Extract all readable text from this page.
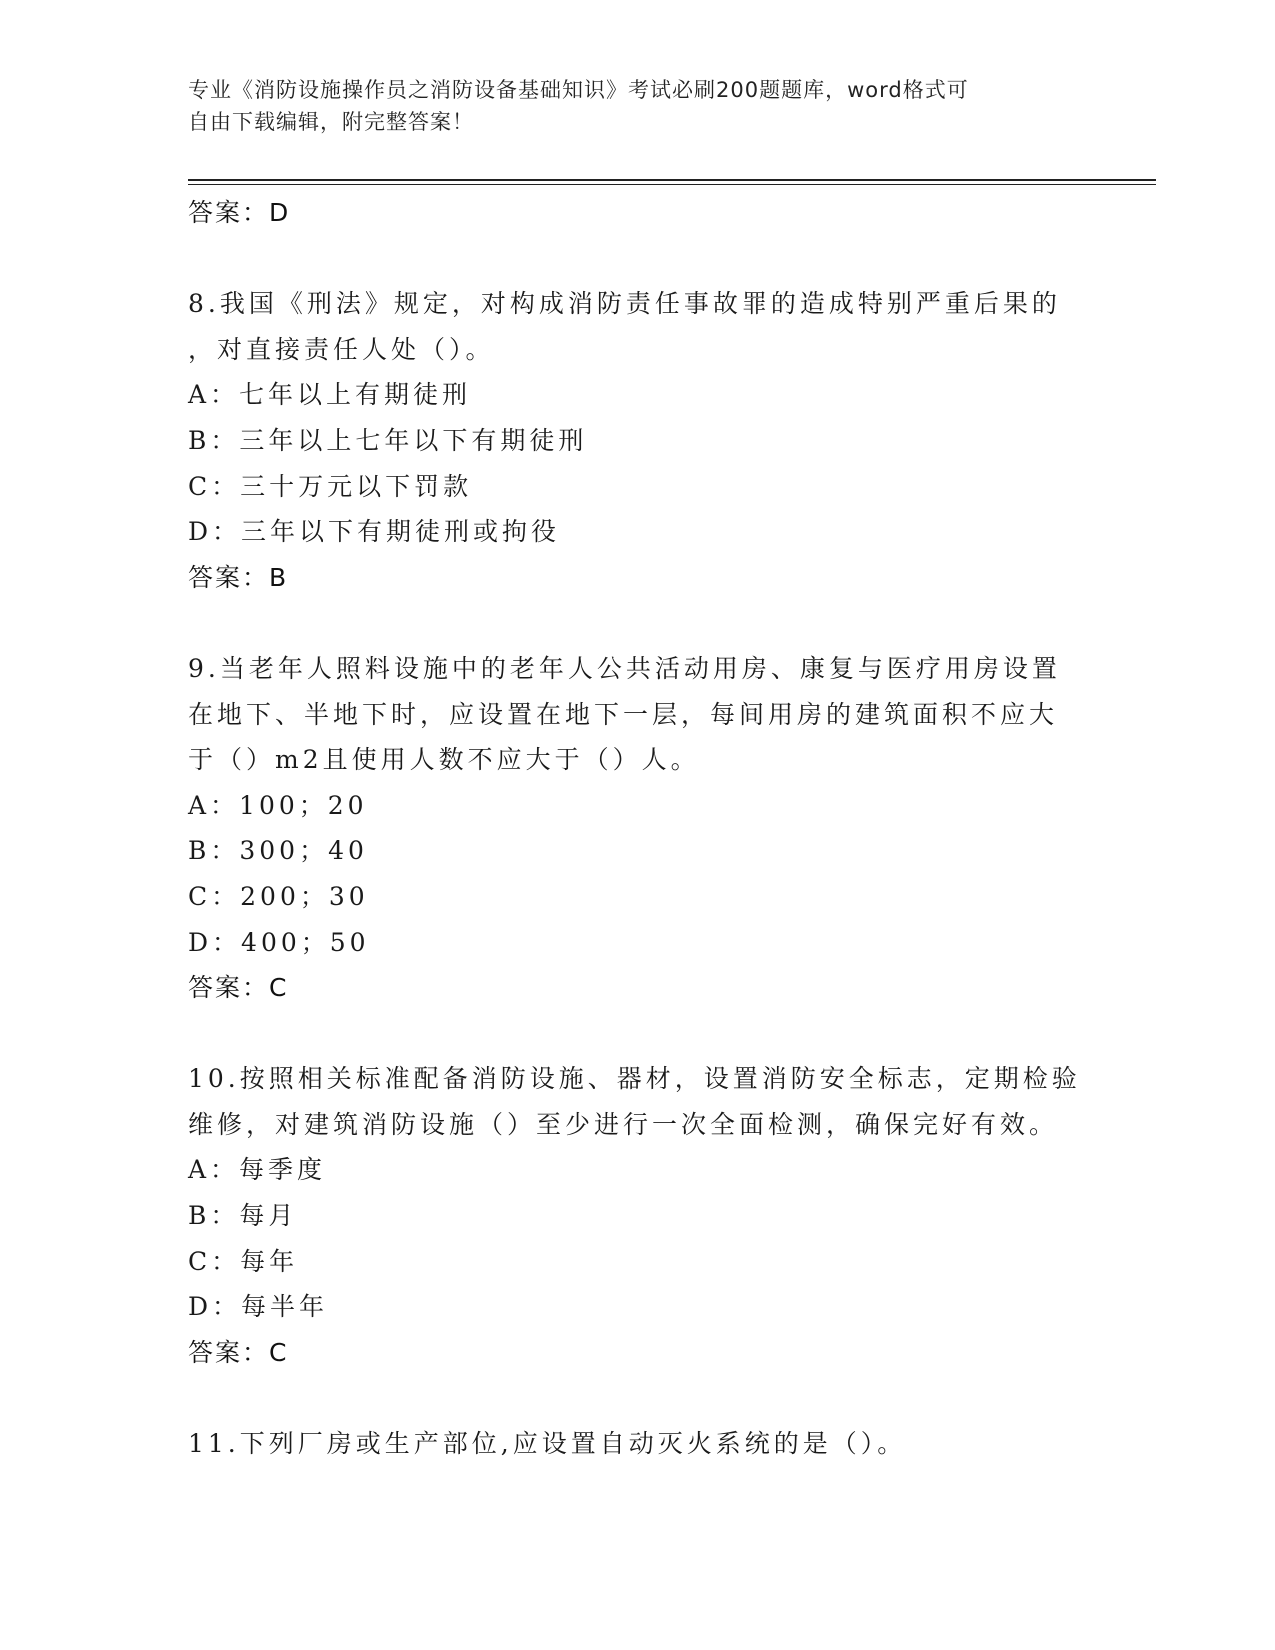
专业《消防设施操作员之消防设备基础知识》考试必刷200题题库，word格式可
自由下载编辑，附完整答案！
答案：D
8.我国《刑法》规定，对构成消防责任事故罪的造成特别严重后果的
，对直接责任人处（）。
A：七年以上有期徒刑
B：三年以上七年以下有期徒刑
C：三十万元以下罚款
D：三年以下有期徒刑或拘役
答案：B
9.当老年人照料设施中的老年人公共活动用房、康复与医疗用房设置
在地下、半地下时，应设置在地下一层，每间用房的建筑面积不应大
于（）m2且使用人数不应大于（）人。
A：100；20
B：300；40
C：200；30
D：400；50
答案：C
10.按照相关标准配备消防设施、器材，设置消防安全标志，定期检验
维修，对建筑消防设施（）至少进行一次全面检测，确保完好有效。
A：每季度
B：每月
C：每年
D：每半年
答案：C
11.下列厂房或生产部位,应设置自动灭火系统的是（）。
